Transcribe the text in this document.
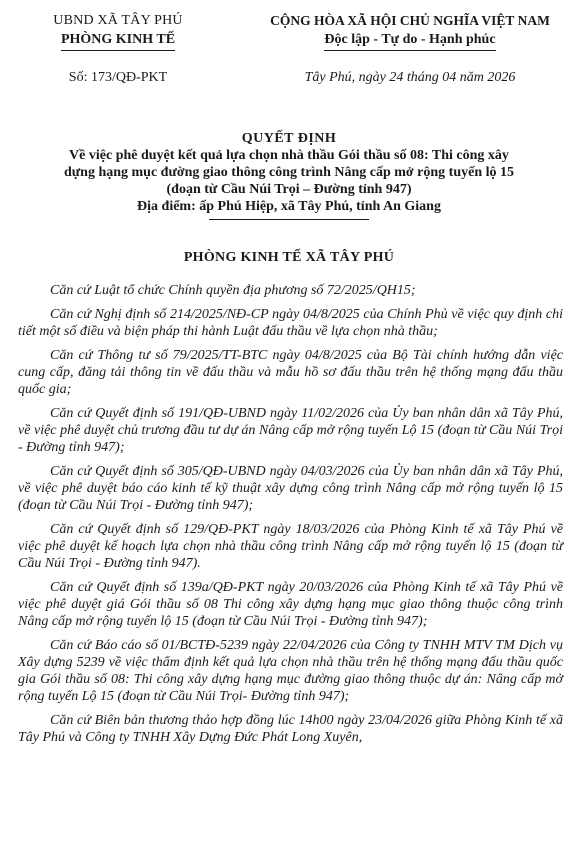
UBND XÃ TÂY PHÚ
PHÒNG KINH TẾ
Số: 173/QĐ-PKT
CỘNG HÒA XÃ HỘI CHỦ NGHĨA VIỆT NAM
Độc lập - Tự do - Hạnh phúc
Tây Phú, ngày 24 tháng 04 năm 2026
QUYẾT ĐỊNH
Về việc phê duyệt kết quả lựa chọn nhà thầu Gói thầu số 08: Thi công xây
dựng hạng mục đường giao thông công trình Nâng cấp mở rộng tuyến lộ 15
(đoạn từ Cầu Núi Trọi – Đường tỉnh 947)
Địa điểm: ấp Phú Hiệp, xã Tây Phú, tỉnh An Giang
PHÒNG KINH TẾ XÃ TÂY PHÚ

Căn cứ Luật tổ chức Chính quyền địa phương số 72/2025/QH15;

Căn cứ Nghị định số 214/2025/NĐ-CP ngày 04/8/2025 của Chính Phủ về việc quy định chi tiết một số điều và biện pháp thi hành Luật đấu thầu về lựa chọn nhà thầu;

Căn cứ Thông tư số 79/2025/TT-BTC ngày 04/8/2025 của Bộ Tài chính hướng dẫn việc cung cấp, đăng tải thông tin về đấu thầu và mẫu hồ sơ đấu thầu trên hệ thống mạng đấu thầu quốc gia;

Căn cứ Quyết định số 191/QĐ-UBND ngày 11/02/2026 của Ủy ban nhân dân xã Tây Phú, về việc phê duyệt chủ trương đầu tư dự án Nâng cấp mở rộng tuyến Lộ 15 (đoạn từ Cầu Núi Trọi - Đường tỉnh 947);

Căn cứ Quyết định số 305/QĐ-UBND ngày 04/03/2026 của Ủy ban nhân dân xã Tây Phú, về việc phê duyệt báo cáo kinh tế kỹ thuật xây dựng công trình Nâng cấp mở rộng tuyến lộ 15 (đoạn từ Cầu Núi Trọi - Đường tỉnh 947);

Căn cứ Quyết định số 129/QĐ-PKT ngày 18/03/2026 của Phòng Kinh tế xã Tây Phú về việc phê duyệt kế hoạch lựa chọn nhà thầu công trình Nâng cấp mở rộng tuyến lộ 15 (đoạn từ Cầu Núi Trọi - Đường tỉnh 947).

Căn cứ Quyết định số 139a/QĐ-PKT ngày 20/03/2026 của Phòng Kinh tế xã Tây Phú về việc phê duyệt giá Gói thầu số 08 Thi công xây dựng hạng mục giao thông thuộc công trình Nâng cấp mở rộng tuyến lộ 15 (đoạn từ Cầu Núi Trọi - Đường tỉnh 947);

Căn cứ Báo cáo số 01/BCTĐ-5239 ngày 22/04/2026 của Công ty TNHH MTV TM Dịch vụ Xây dựng 5239 về việc thẩm định kết quả lựa chọn nhà thầu trên hệ thống mạng đấu thầu quốc gia Gói thầu số 08: Thi công xây dựng hạng mục đường giao thông thuộc dự án: Nâng cấp mở rộng tuyến Lộ 15 (đoạn từ Cầu Núi Trọi- Đường tỉnh 947);

Căn cứ Biên bản thương thảo hợp đồng lúc 14h00 ngày 23/04/2026 giữa Phòng Kinh tế xã Tây Phú và Công ty TNHH Xây Dựng Đức Phát Long Xuyên,
